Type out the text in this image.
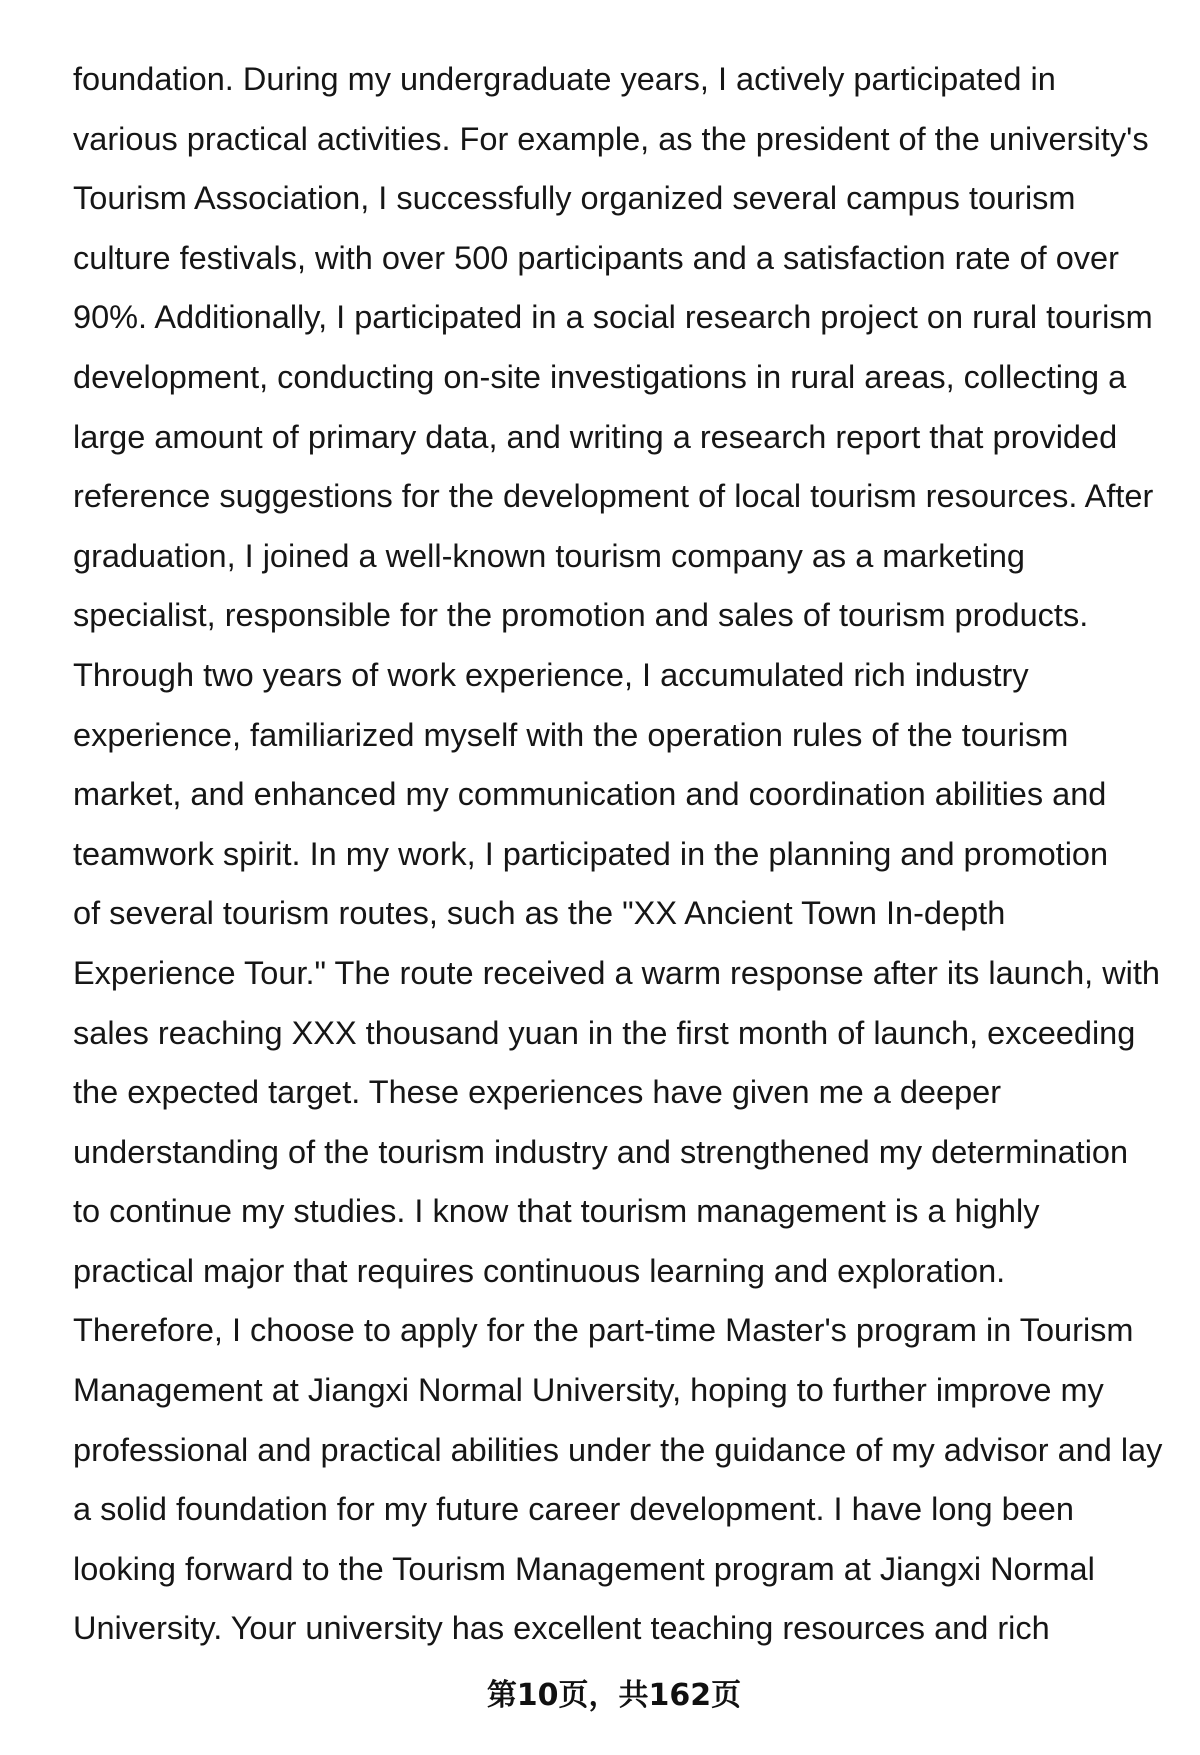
foundation. During my undergraduate years, I actively participated in
various practical activities. For example, as the president of the university's
Tourism Association, I successfully organized several campus tourism
culture festivals, with over 500 participants and a satisfaction rate of over
90%. Additionally, I participated in a social research project on rural tourism
development, conducting on-site investigations in rural areas, collecting a
large amount of primary data, and writing a research report that provided
reference suggestions for the development of local tourism resources. After
graduation, I joined a well-known tourism company as a marketing
specialist, responsible for the promotion and sales of tourism products.
Through two years of work experience, I accumulated rich industry
experience, familiarized myself with the operation rules of the tourism
market, and enhanced my communication and coordination abilities and
teamwork spirit. In my work, I participated in the planning and promotion
of several tourism routes, such as the "XX Ancient Town In-depth
Experience Tour." The route received a warm response after its launch, with
sales reaching XXX thousand yuan in the first month of launch, exceeding
the expected target. These experiences have given me a deeper
understanding of the tourism industry and strengthened my determination
to continue my studies. I know that tourism management is a highly
practical major that requires continuous learning and exploration.
Therefore, I choose to apply for the part-time Master's program in Tourism
Management at Jiangxi Normal University, hoping to further improve my
professional and practical abilities under the guidance of my advisor and lay
a solid foundation for my future career development. I have long been
looking forward to the Tourism Management program at Jiangxi Normal
University. Your university has excellent teaching resources and rich
第10页，共162页
